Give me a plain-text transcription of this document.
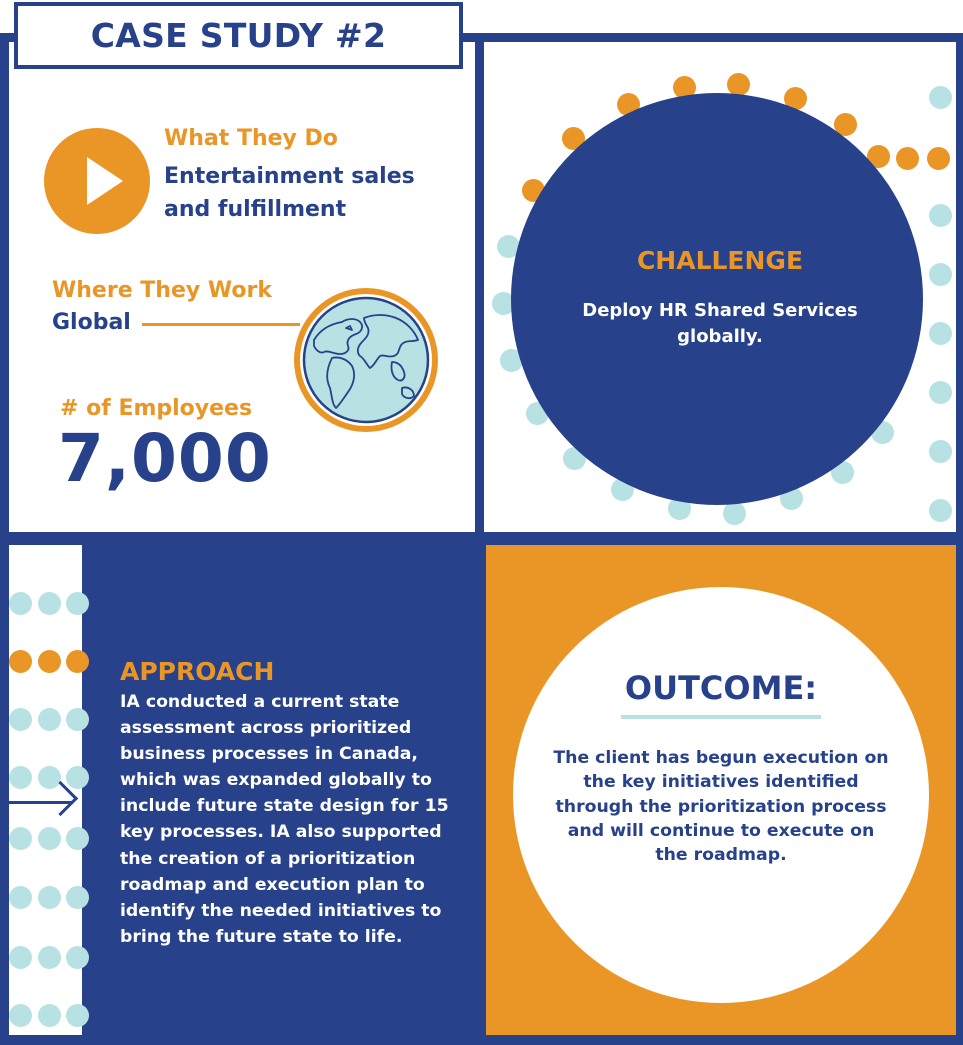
CASE STUDY #2
What They Do
Entertainment sales and fulfillment
Where They Work
Global
# of Employees
7,000
CHALLENGE
Deploy HR Shared Services globally.
APPROACH
IA conducted a current state assessment across prioritized business processes in Canada, which was expanded globally to include future state design for 15 key processes. IA also supported the creation of a prioritization roadmap and execution plan to identify the needed initiatives to bring the future state to life.
OUTCOME:
The client has begun execution on the key initiatives identified through the prioritization process and will continue to execute on the roadmap.
